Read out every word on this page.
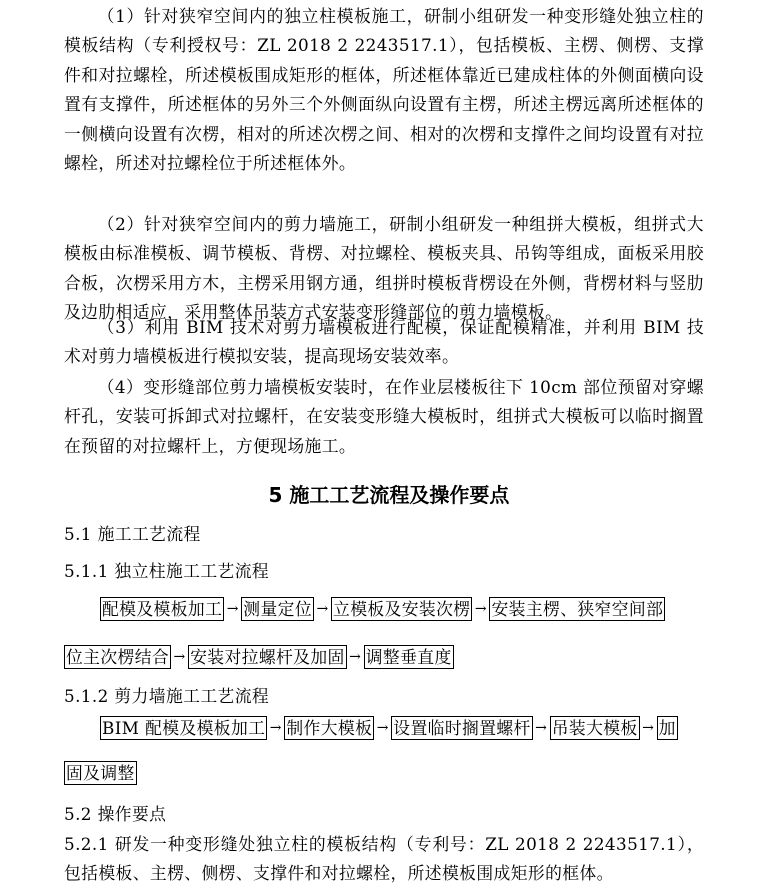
（1）针对狭窄空间内的独立柱模板施工，研制小组研发一种变形缝处独立柱的模板结构（专利授权号：ZL 2018 2 2243517.1），包括模板、主楞、侧楞、支撑件和对拉螺栓，所述模板围成矩形的框体，所述框体靠近已建成柱体的外侧面横向设置有支撑件，所述框体的另外三个外侧面纵向设置有主楞，所述主楞远离所述框体的一侧横向设置有次楞，相对的所述次楞之间、相对的次楞和支撑件之间均设置有对拉螺栓，所述对拉螺栓位于所述框体外。

（2）针对狭窄空间内的剪力墙施工，研制小组研发一种组拼大模板，组拼式大模板由标准模板、调节模板、背楞、对拉螺栓、模板夹具、吊钩等组成，面板采用胶合板，次楞采用方木，主楞采用钢方通，组拼时模板背楞设在外侧，背楞材料与竖肋及边肋相适应，采用整体吊装方式安装变形缝部位的剪力墙模板。

（3）利用 BIM 技术对剪力墙模板进行配模，保证配模精准，并利用 BIM 技术对剪力墙模板进行模拟安装，提高现场安装效率。

（4）变形缝部位剪力墙模板安装时，在作业层楼板往下 10cm 部位预留对穿螺杆孔，安装可拆卸式对拉螺杆，在安装变形缝大模板时，组拼式大模板可以临时搁置在预留的对拉螺杆上，方便现场施工。

5 施工工艺流程及操作要点

5.1 施工工艺流程

5.1.1 独立柱施工工艺流程

配模及模板加工 → 测量定位 → 立模板及安装次楞 → 安装主楞、狭窄空间部
位主次楞结合 → 安装对拉螺杆及加固 → 调整垂直度

5.1.2 剪力墙施工工艺流程

BIM 配模及模板加工 → 制作大模板 → 设置临时搁置螺杆 → 吊装大模板 → 加
固及调整

5.2 操作要点

5.2.1 研发一种变形缝处独立柱的模板结构（专利号：ZL 2018 2 2243517.1），包括模板、主楞、侧楞、支撑件和对拉螺栓，所述模板围成矩形的框体。
